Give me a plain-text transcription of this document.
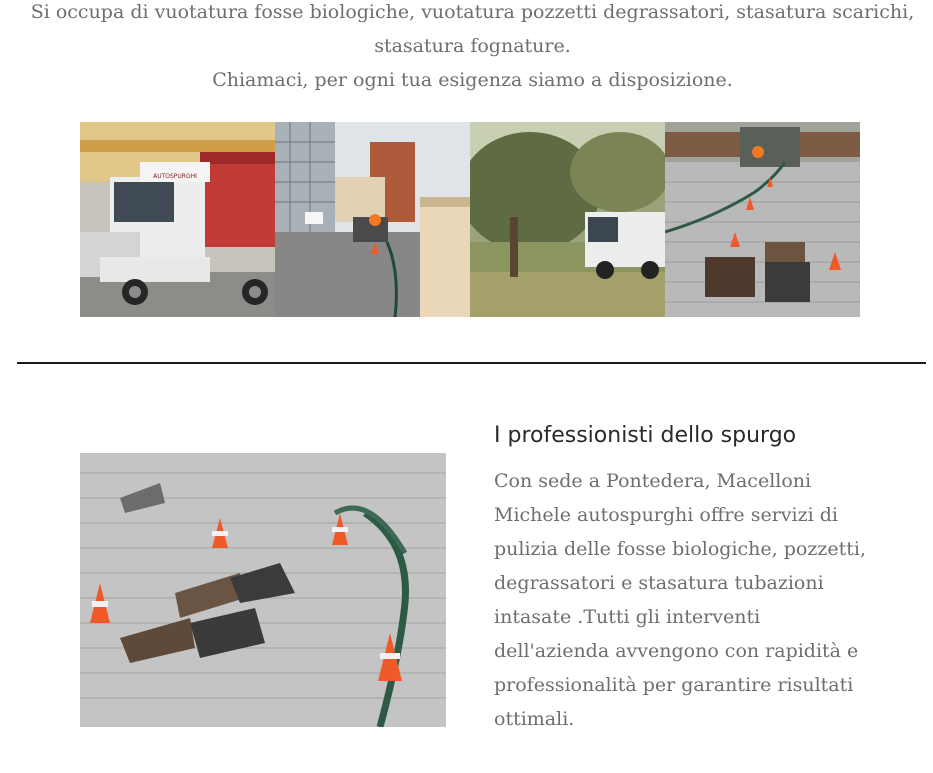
Si occupa di vuotatura fosse biologiche, vuotatura pozzetti degrassatori, stasatura scarichi, stasatura fognature.

Chiamaci, per ogni tua esigenza siamo a disposizione.

AUTOSPURGHI
I professionisti dello spurgo

Con sede a Pontedera, Macelloni Michele autospurghi offre servizi di pulizia delle fosse biologiche, pozzetti, degrassatori e stasatura tubazioni intasate .Tutti gli interventi dell'azienda avvengono con rapidità e professionalità per garantire risultati ottimali.
